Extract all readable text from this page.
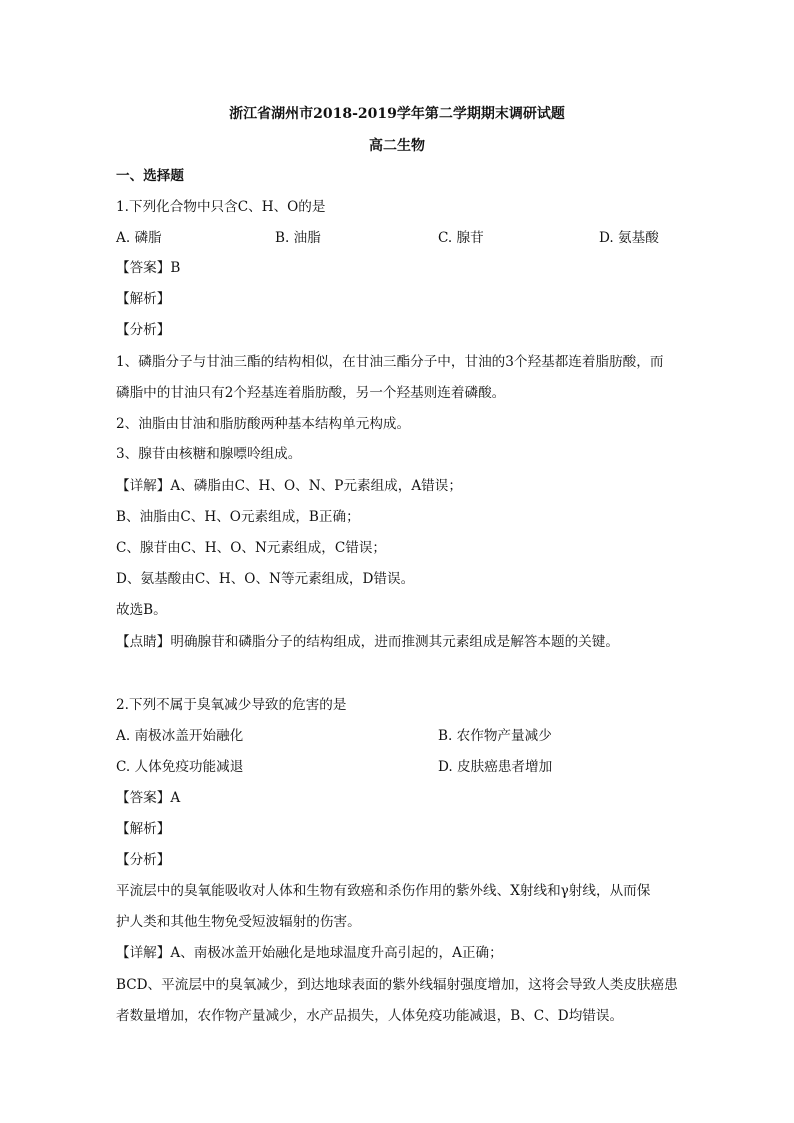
浙江省湖州市2018-2019学年第二学期期末调研试题
高二生物
一、选择题
1.下列化合物中只含C、H、O的是
A. 磷脂	B. 油脂	C. 腺苷	D. 氨基酸
【答案】B
【解析】
【分析】
1、磷脂分子与甘油三酯的结构相似，在甘油三酯分子中，甘油的3个羟基都连着脂肪酸，而
磷脂中的甘油只有2个羟基连着脂肪酸，另一个羟基则连着磷酸。
2、油脂由甘油和脂肪酸两种基本结构单元构成。
3、腺苷由核糖和腺嘌呤组成。
【详解】A、磷脂由C、H、O、N、P元素组成，A错误；
B、油脂由C、H、O元素组成，B正确；
C、腺苷由C、H、O、N元素组成，C错误；
D、氨基酸由C、H、O、N等元素组成，D错误。
故选B。
【点睛】明确腺苷和磷脂分子的结构组成，进而推测其元素组成是解答本题的关键。
2.下列不属于臭氧减少导致的危害的是
A. 南极冰盖开始融化	B. 农作物产量减少
C. 人体免疫功能减退	D. 皮肤癌患者增加
【答案】A
【解析】
【分析】
平流层中的臭氧能吸收对人体和生物有致癌和杀伤作用的紫外线、X射线和γ射线，从而保
护人类和其他生物免受短波辐射的伤害。
【详解】A、南极冰盖开始融化是地球温度升高引起的，A正确；
BCD、平流层中的臭氧减少，到达地球表面的紫外线辐射强度增加，这将会导致人类皮肤癌患
者数量增加，农作物产量减少，水产品损失，人体免疫功能减退，B、C、D均错误。
